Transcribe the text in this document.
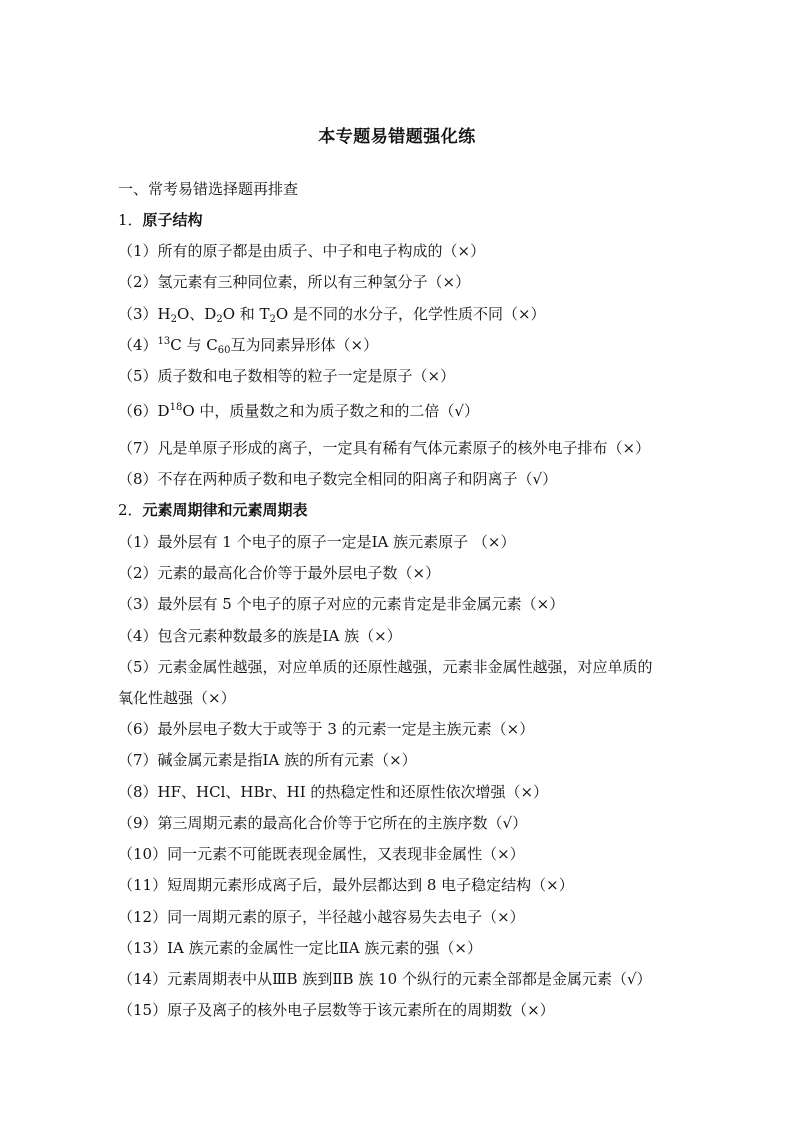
本专题易错题强化练
一、常考易错选择题再排查
1．原子结构
（1）所有的原子都是由质子、中子和电子构成的（×）
（2）氢元素有三种同位素，所以有三种氢分子（×）
$(3)H_2O$、$D_2O$ 和 $T_2O$ 是不同的水分子，化学性质不同（×）
$(4)^{13}C$ 与 $C_{60}$互为同素异形体（×）
（5）质子数和电子数相等的粒子一定是原子（×）
$(6)D^{18}O$ 中，质量数之和为质子数之和的二倍（√）
（7）凡是单原子形成的离子，一定具有稀有气体元素原子的核外电子排布（×）
（8）不存在两种质子数和电子数完全相同的阳离子和阴离子（√）
2．元素周期律和元素周期表
（1）最外层有 1 个电子的原子一定是ⅠA 族元素原子 （×）
（2）元素的最高化合价等于最外层电子数（×）
（3）最外层有 5 个电子的原子对应的元素肯定是非金属元素（×）
（4）包含元素种数最多的族是ⅠA 族（×）
（5）元素金属性越强，对应单质的还原性越强，元素非金属性越强，对应单质的
氧化性越强（×）
（6）最外层电子数大于或等于 3 的元素一定是主族元素（×）
（7）碱金属元素是指ⅠA 族的所有元素（×）
（8）HF、HCl、HBr、HI 的热稳定性和还原性依次增强（×）
（9）第三周期元素的最高化合价等于它所在的主族序数（√）
（10）同一元素不可能既表现金属性，又表现非金属性（×）
（11）短周期元素形成离子后，最外层都达到 8 电子稳定结构（×）
（12）同一周期元素的原子，半径越小越容易失去电子（×）
（13）ⅠA 族元素的金属性一定比ⅡA 族元素的强（×）
（14）元素周期表中从ⅢB 族到ⅡB 族 10 个纵行的元素全部都是金属元素（√）
（15）原子及离子的核外电子层数等于该元素所在的周期数（×）
